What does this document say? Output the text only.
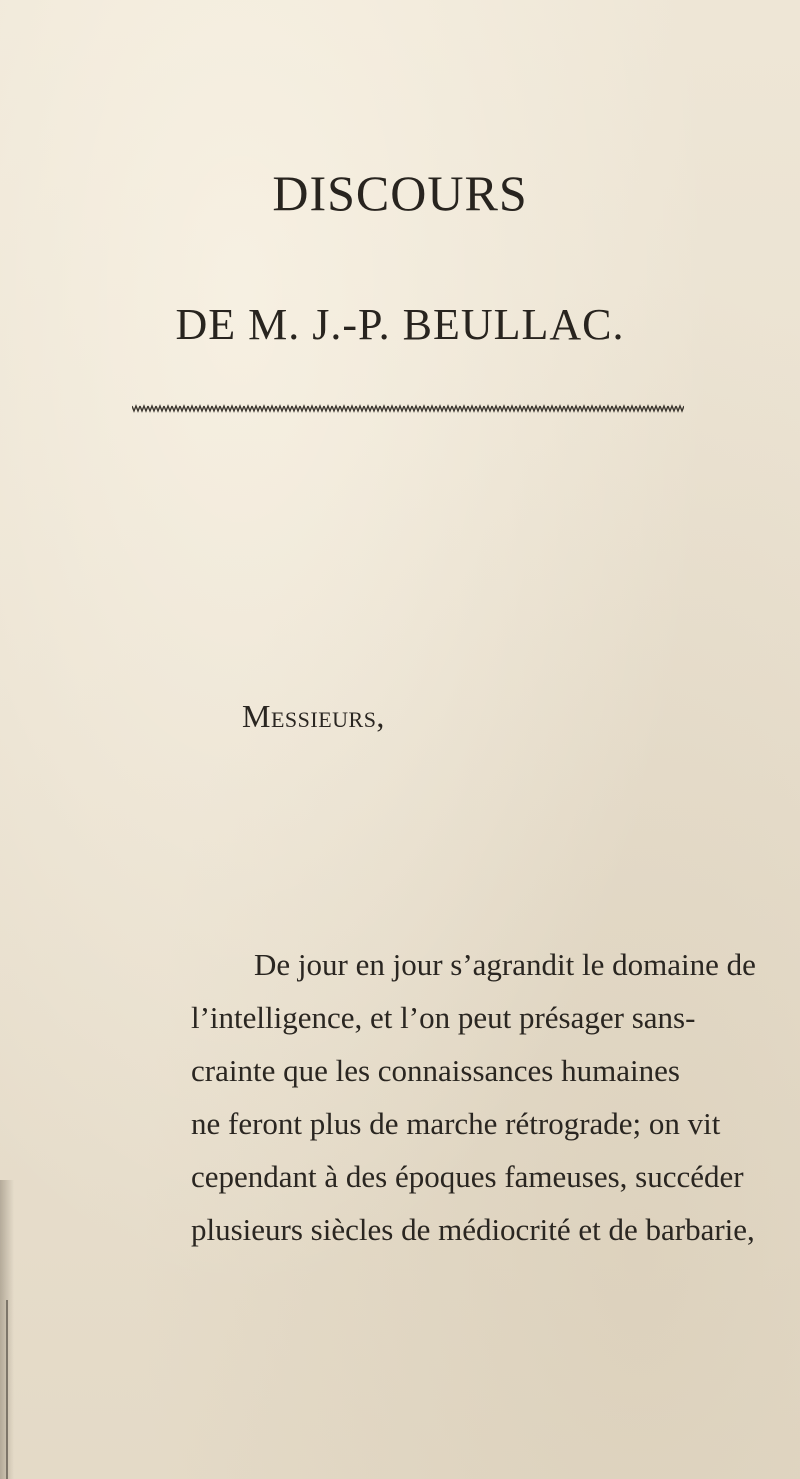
DISCOURS
DE M. J.-P. BEULLAC.
Messieurs,
De jour en jour s’agrandit le domaine de
l’intelligence, et l’on peut présager sans-
crainte que les connaissances humaines
ne feront plus de marche rétrograde; on vit
cependant à des époques fameuses, succéder
plusieurs siècles de médiocrité et de barbarie,
